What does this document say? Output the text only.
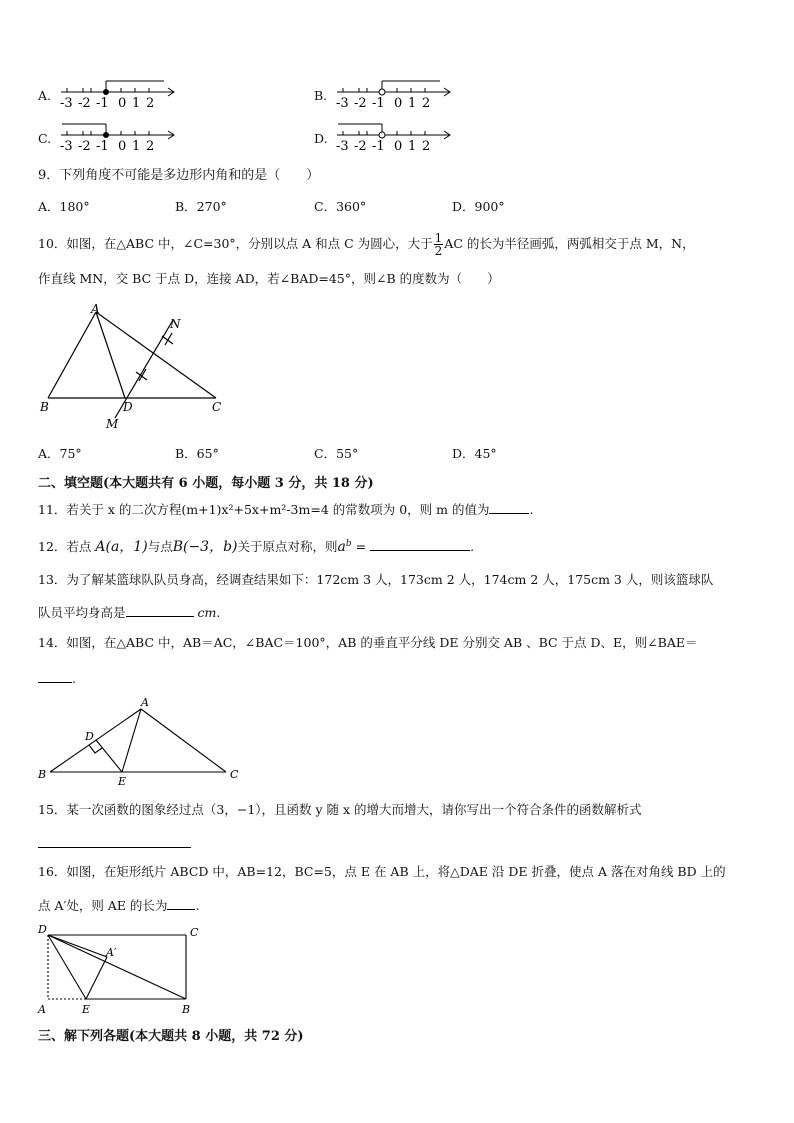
A.
-3 -2 -1 0 1 2
B.
-3 -2 -1 0 1 2
C.
-3 -2 -1 0 1 2
D.
-3 -2 -1 0 1 2
9．下列角度不可能是多边形内角和的是（　　）
A．180°	B．270°	C．360°	D．900°
10．如图，在△ABC 中，∠C=30°，分别以点 A 和点 C 为圆心，大于 $\frac{1}{2}$ AC 的长为半径画弧，两弧相交于点 M，N，
作直线 MN，交 BC 于点 D，连接 AD，若∠BAD=45°，则∠B 的度数为（　　）
A
B	C
D
M
N
A．75°	B．65°	C．55°	D．45°
二、填空题(本大题共有 6 小题，每小题 3 分，共 18 分)
11．若关于 x 的二次方程(m+1)x²+5x+m²-3m=4 的常数项为 0，则 m 的值为	.
12．若点 A(a，1)与点B(−3，b)关于原点对称，则$a^b$ =	.
13．为了解某篮球队队员身高，经调查结果如下：172cm 3 人，173cm 2 人，174cm 2 人，175cm 3 人，则该篮球队
队员平均身高是	cm.
14．如图，在△ABC 中，AB＝AC，∠BAC＝100°，AB 的垂直平分线 DE 分别交 AB 、BC 于点 D、E，则∠BAE＝
.
A
B	C
D
E
15．某一次函数的图象经过点（3，−1），且函数 y 随 x 的增大而增大，请你写出一个符合条件的函数解析式
16．如图，在矩形纸片 ABCD 中，AB=12，BC=5，点 E 在 AB 上，将△DAE 沿 DE 折叠，使点 A 落在对角线 BD 上的
点 A′处，则 AE 的长为 .
D	C
A	E	B
A′
三、解下列各题(本大题共 8 小题，共 72 分)
